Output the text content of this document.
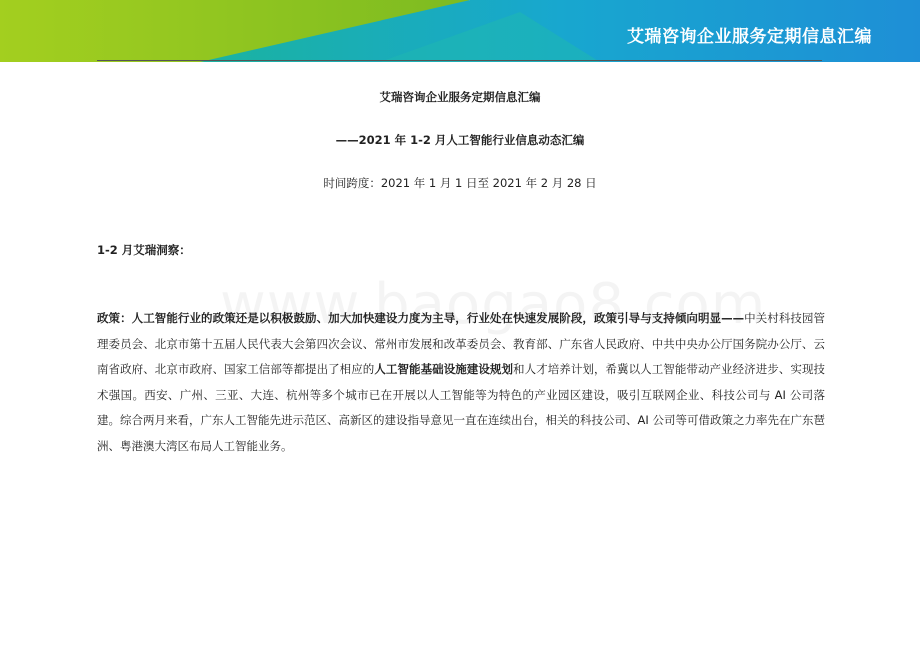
艾瑞咨询企业服务定期信息汇编
艾瑞咨询企业服务定期信息汇编
——2021 年 1-2 月人工智能行业信息动态汇编
时间跨度：2021 年 1 月 1 日至 2021 年 2 月 28 日
1-2 月艾瑞洞察：

政策：人工智能行业的政策还是以积极鼓励、加大加快建设力度为主导，行业处在快速发展阶段，政策引导与支持倾向明显——中关村科技园管理委员会、北京市第十五届人民代表大会第四次会议、常州市发展和改革委员会、教育部、广东省人民政府、中共中央办公厅国务院办公厅、云南省政府、北京市政府、国家工信部等都提出了相应的人工智能基础设施建设规划和人才培养计划，希冀以人工智能带动产业经济进步、实现技术强国。西安、广州、三亚、大连、杭州等多个城市已在开展以人工智能等为特色的产业园区建设，吸引互联网企业、科技公司与 AI 公司落建。综合两月来看，广东人工智能先进示范区、高新区的建设指导意见一直在连续出台，相关的科技公司、AI 公司等可借政策之力率先在广东琶洲、粤港澳大湾区布局人工智能业务。
